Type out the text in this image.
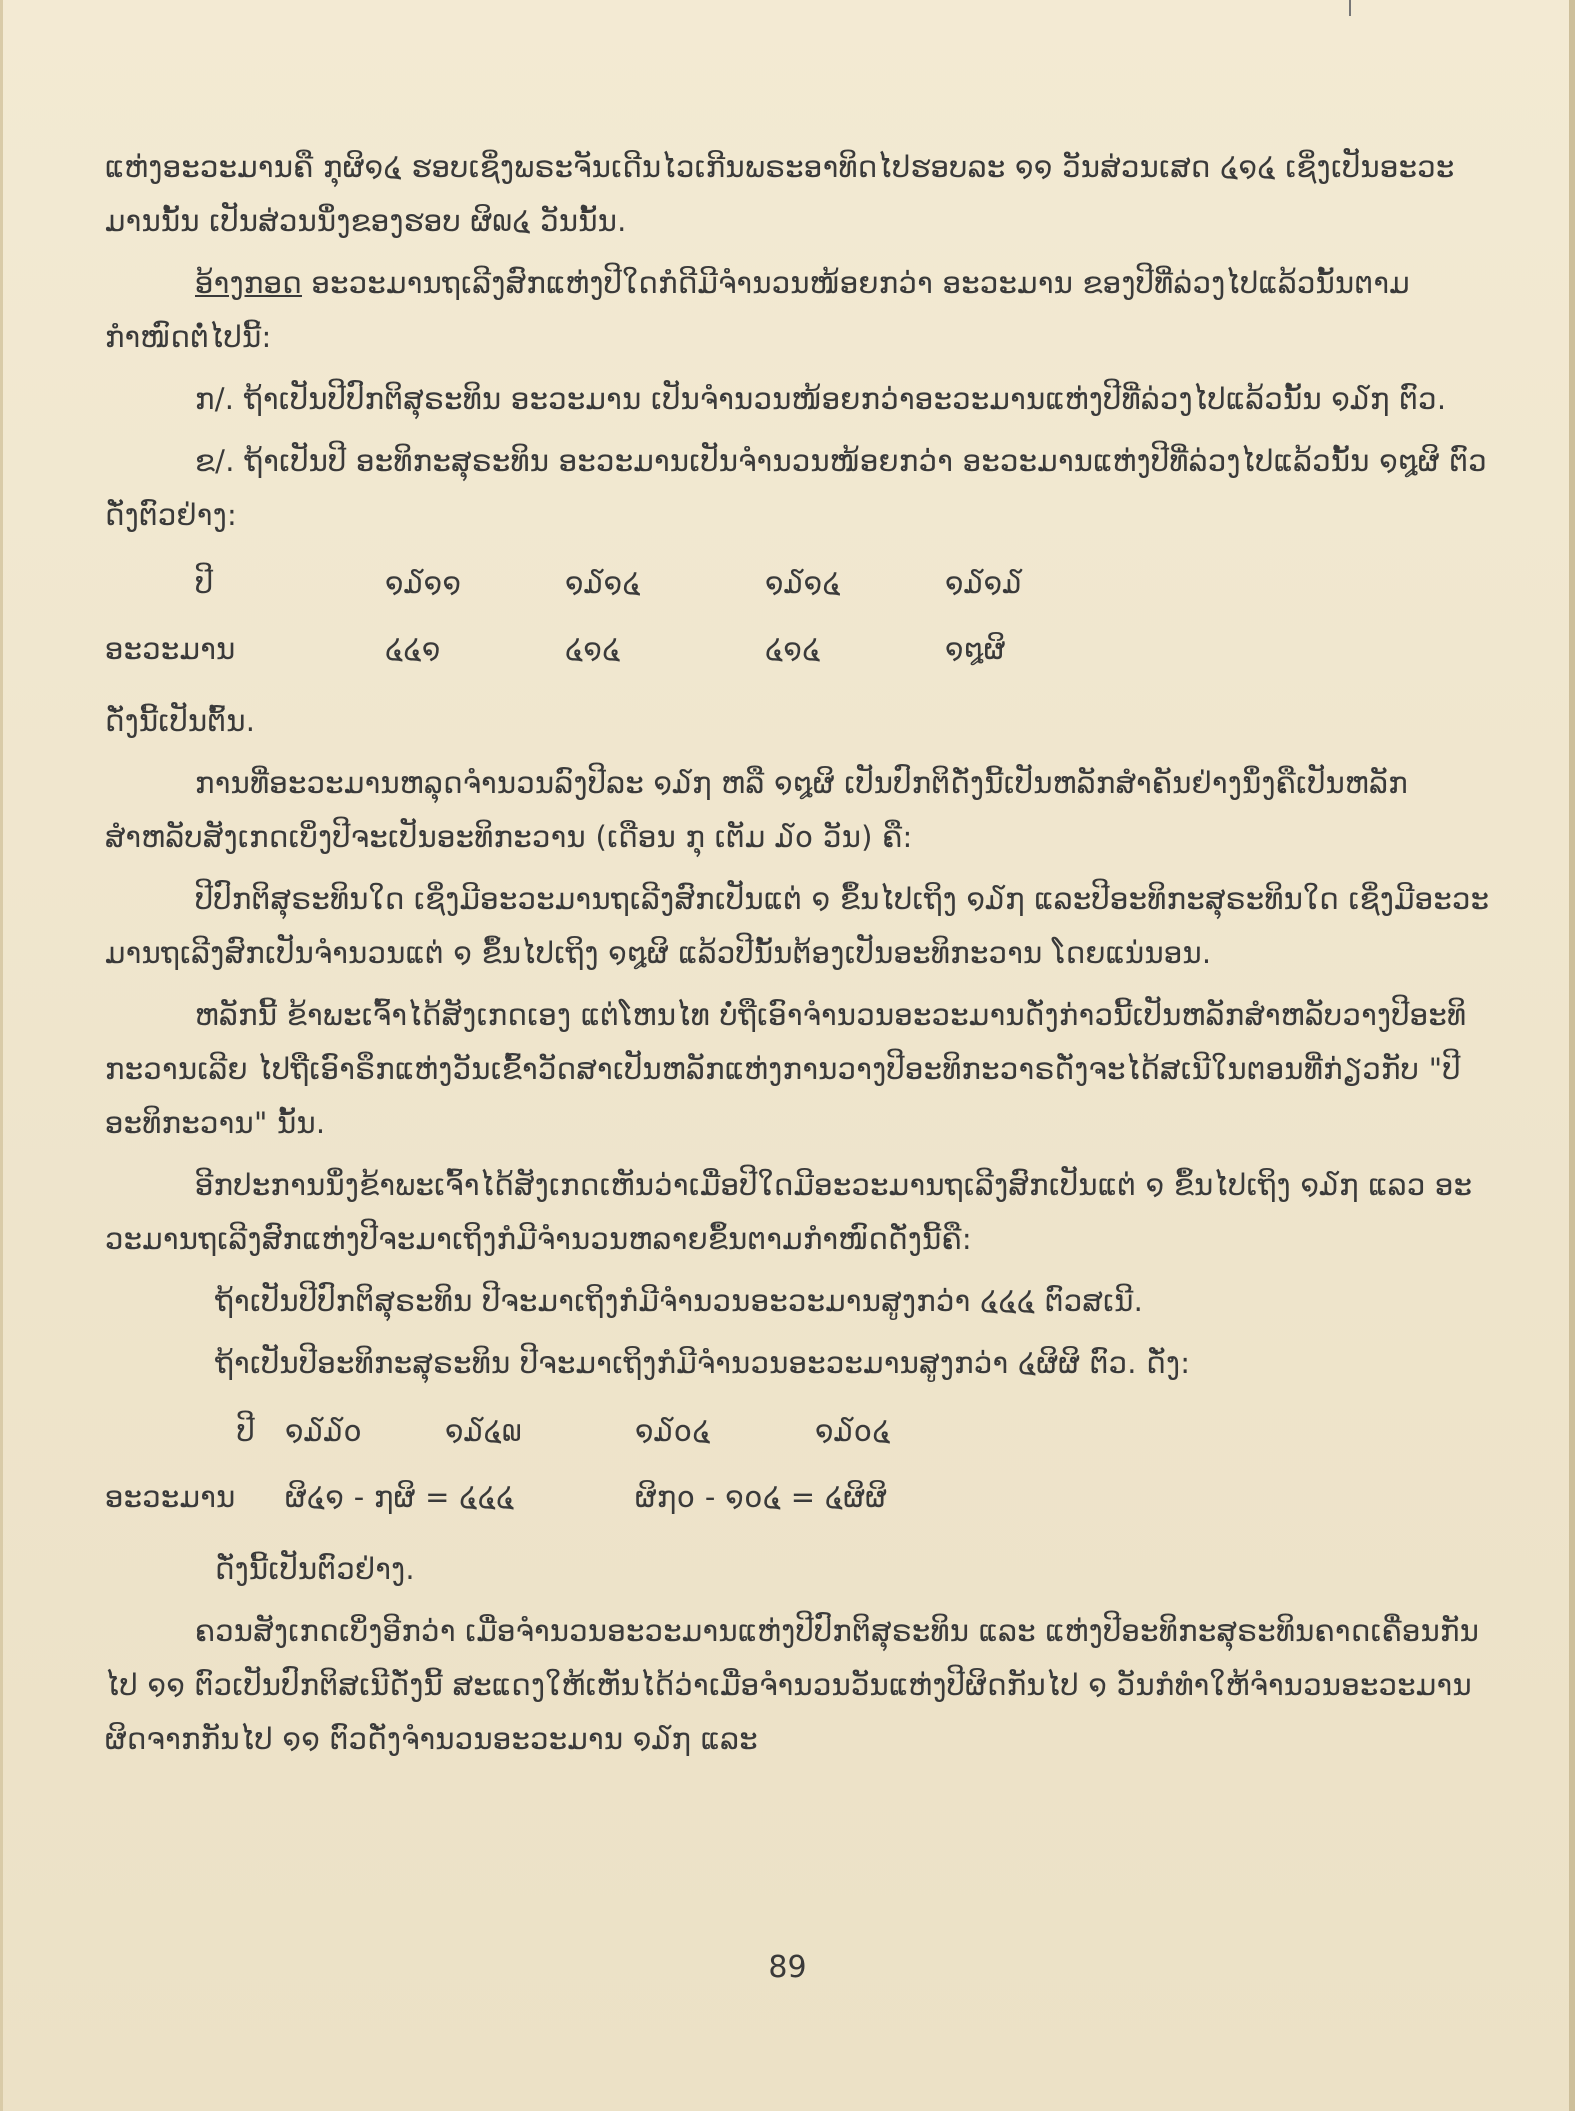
ແຫ່ງອະວະມານຄື ກຸຜິ໑໔ ຮອບເຊິ່ງພຣະຈັນເດີນໄວເກີນພຣະອາທິດໄປຮອບລະ ໑໑ ວັນສ່ວນເສດ ໔໑໔ ເຊິ່ງເປັນອະວະມານນັ້ນ ເປັນສ່ວນນຶ່ງຂອງຮອບ ຜິ໙໔ ວັນນັ້ນ.

ອ້າງກອດ ອະວະມານຖເລີງສົກແຫ່ງປີໃດກໍດີມີຈຳນວນໜ້ອຍກວ່າ ອະວະມານ ຂອງປີທີ່ລ່ວງໄປແລ້ວນັ້ນຕາມກຳໜົດຕໍ່ໄປນີ້:

ກ/. ຖ້າເປັນປີປົກຕິສຸຣະທິນ ອະວະມານ ເປັນຈຳນວນໜ້ອຍກວ່າອະວະມານແຫ່ງປີທີ່ລ່ວງໄປແລ້ວນັ້ນ ໑໓໗ ຕົວ.

ຂ/. ຖ້າເປັນປີ ອະທິກະສຸຣະທິນ ອະວະມານເປັນຈຳນວນໜ້ອຍກວ່າ ອະວະມານແຫ່ງປີທີ່ລ່ວງໄປແລ້ວນັ້ນ ໑໘ຜິ ຕົວດັ່ງຕົວຢ່າງ:

ປີ	໑໓໑໑	໑໓໑໔	໑໓໑໔	໑໓໑໓
ອະວະມານ	໔໔໑	໔໑໔	໔໑໔	໑໘ຜິ

ດັ່ງນີ້ເປັນຕົ້ນ.

ການທີ່ອະວະມານຫລຸດຈຳນວນລົງປີລະ ໑໓໗ ຫລື ໑໘ຜິ ເປັນປົກຕິດັ່ງນີ້ເປັນຫລັກສຳຄັນຢ່າງນຶ່ງຄືເປັນຫລັກສຳຫລັບສັງເກດເບິ່ງປີຈະເປັນອະທິກະວານ (ເດືອນ ກຸ ເຕັມ ໓໐ ວັນ) ຄື:

ປີປົກຕິສຸຣະທິນໃດ ເຊິ່ງມີອະວະມານຖເລີງສົກເປັນແຕ່ ໑ ຂຶ້ນໄປເຖິງ ໑໓໗ ແລະປີອະທິກະສຸຣະທິນໃດ ເຊິ່ງມີອະວະມານຖເລີງສົກເປັນຈຳນວນແຕ່ ໑ ຂຶ້ນໄປເຖິງ ໑໘ຜິ ແລ້ວປີນັ້ນຕ້ອງເປັນອະທິກະວານ ໂດຍແນ່ນອນ.

ຫລັກນີ້ ຂ້າພະເຈົ້າໄດ້ສັງເກດເອງ ແຕ່ໂຫນໄທ ບໍ່ຖືເອົາຈຳນວນອະວະມານດັ່ງກ່າວນີ້ເປັນຫລັກສຳຫລັບວາງປີອະທິກະວານເລີຍ ໄປຖືເອົາຣຶກແຫ່ງວັນເຂົ້າວັດສາເປັນຫລັກແຫ່ງການວາງປີອະທິກະວາຣດັ່ງຈະໄດ້ສເນີໃນຕອນທີ່ກ່ຽວກັບ "ປີອະທິກະວານ" ນັ້ນ.

ອີກປະການນຶ່ງຂ້າພະເຈົ້າໄດ້ສັງເກດເຫັນວ່າເມື່ອປີໃດມີອະວະມານຖເລີງສົກເປັນແຕ່ ໑ ຂຶ້ນໄປເຖິງ ໑໓໗ ແລວ ອະວະມານຖເລີງສົກແຫ່ງປີຈະມາເຖິງກໍມີຈຳນວນຫລາຍຂຶ້ນຕາມກຳໜົດດັ່ງນີ້ຄື:

ຖ້າເປັນປີປົກຕິສຸຣະທິນ ປີຈະມາເຖິງກໍມີຈຳນວນອະວະມານສູງກວ່າ ໔໔໔ ຕົວສເນີ.

ຖ້າເປັນປີອະທິກະສຸຣະທິນ ປີຈະມາເຖິງກໍມີຈຳນວນອະວະມານສູງກວ່າ ໔ຜິຜິ ຕົວ. ດັ່ງ:

ປີ	໑໓໓໐	໑໓໔໙	໑໓໐໔	໑໓໐໔
ອະວະມານ	ຜິ໔໑ - ໗ຜິ = ໔໔໔		ຜິ໗໐ - ໑໐໔ = ໔ຜິຜິ	

ດັ່ງນີ້ເປັນຕົວຢ່າງ.

ຄວນສັງເກດເບິ່ງອີກວ່າ ເມື່ອຈຳນວນອະວະມານແຫ່ງປີປົກຕິສຸຣະທິນ ແລະ ແຫ່ງປີອະທິກະສຸຣະທິນຄາດເຄື່ອນກັນໄປ ໑໑ ຕົວເປັນປົກຕິສເນີດັ່ງນີ້ ສະແດງໃຫ້ເຫັນໄດ້ວ່າເມື່ອຈຳນວນວັນແຫ່ງປີຜິດກັນໄປ ໑ ວັນກໍທຳໃຫ້ຈຳນວນອະວະມານຜິດຈາກກັນໄປ ໑໑ ຕົວດັ່ງຈຳນວນອະວະມານ ໑໓໗ ແລະ

89
